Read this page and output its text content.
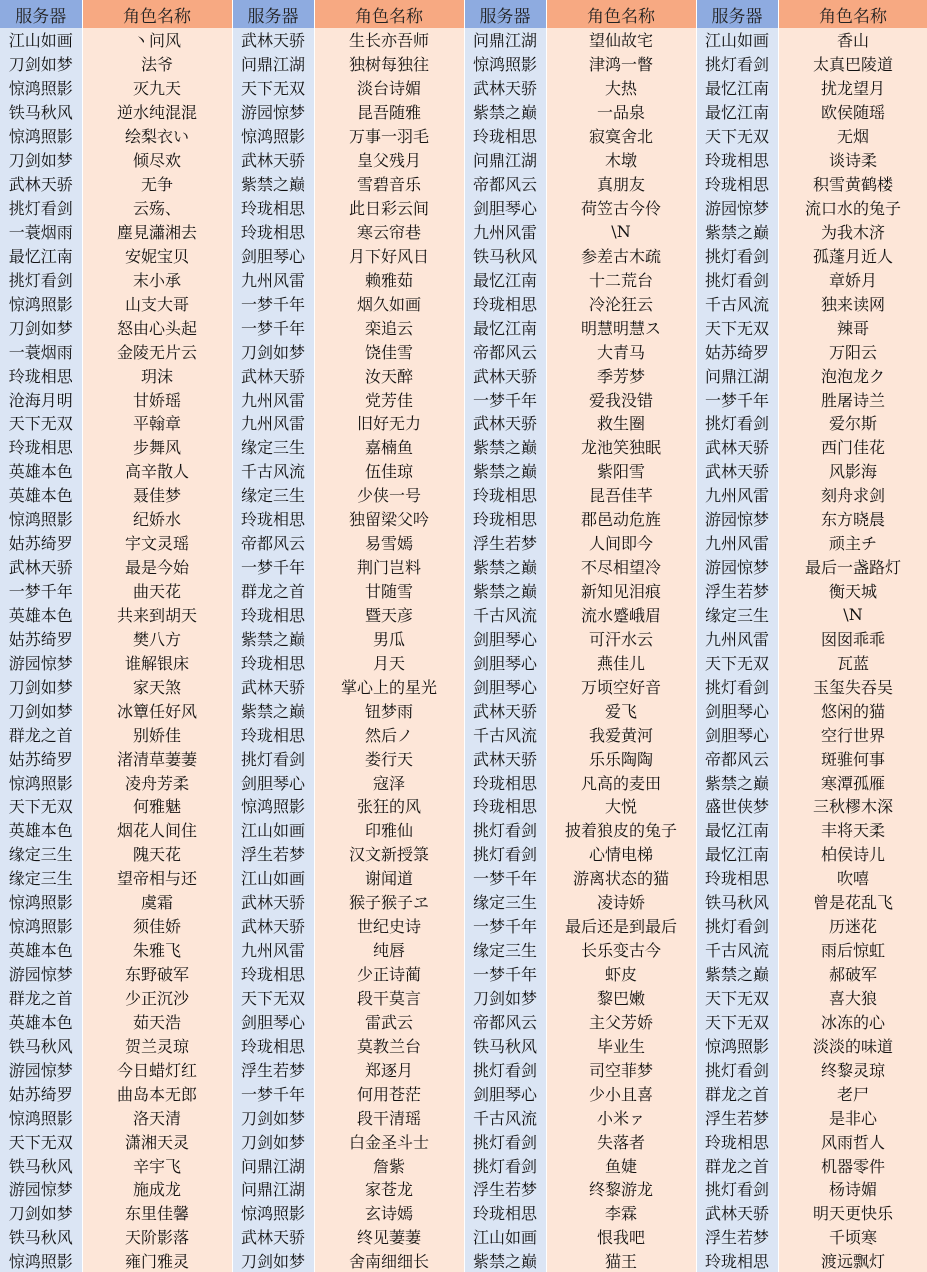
服务器	角色名称	服务器	角色名称	服务器	角色名称	服务器	角色名称
江山如画	丶问风	武林天骄	生长亦吾师	问鼎江湖	望仙故宅	江山如画	香山
刀剑如梦	法爷	问鼎江湖	独树每独往	惊鸿照影	津鸿一瞥	挑灯看剑	太真巴陵道
惊鸿照影	灭九天	天下无双	淡台诗媚	武林天骄	大热	最忆江南	扰龙望月
铁马秋风	逆水纯混混	游园惊梦	昆吾随雅	紫禁之巅	一品泉	最忆江南	欧侯随瑶
惊鸿照影	绘梨衣い	惊鸿照影	万事一羽毛	玲珑相思	寂寞舍北	天下无双	无烟
刀剑如梦	倾尽欢	武林天骄	皇父残月	问鼎江湖	木墩	玲珑相思	谈诗柔
武林天骄	无争	紫禁之巅	雪碧音乐	帝都风云	真朋友	玲珑相思	积雪黄鹤楼
挑灯看剑	云殇、	玲珑相思	此日彩云间	剑胆琴心	荷笠古今伶	游园惊梦	流口水的兔子
一蓑烟雨	塵見瀟湘去	玲珑相思	寒云帘巷	九州风雷	\N	紫禁之巅	为我木济
最忆江南	安妮宝贝	剑胆琴心	月下好风日	铁马秋风	参差古木疏	挑灯看剑	孤蓬月近人
挑灯看剑	末小承	九州风雷	赖雅茹	最忆江南	十二荒台	挑灯看剑	章娇月
惊鸿照影	山支大哥	一梦千年	烟久如画	玲珑相思	冷沦狂云	千古风流	独来读网
刀剑如梦	怒由心头起	一梦千年	栾追云	最忆江南	明慧明慧ス	天下无双	辣哥
一蓑烟雨	金陵无片云	刀剑如梦	饶佳雪	帝都风云	大青马	姑苏绮罗	万阳云
玲珑相思	玥沫	武林天骄	汝天醉	武林天骄	季芳梦	问鼎江湖	泡泡龙ク
沧海月明	甘娇瑶	九州风雷	党芳佳	一梦千年	爱我没错	一梦千年	胜屠诗兰
天下无双	平翰章	九州风雷	旧好无力	武林天骄	救生圈	挑灯看剑	爱尔斯
玲珑相思	步舞风	缘定三生	嘉楠鱼	紫禁之巅	龙池笑独眠	武林天骄	西门佳花
英雄本色	高辛散人	千古风流	伍佳琼	紫禁之巅	紫阳雪	武林天骄	风影海
英雄本色	聂佳梦	缘定三生	少侠一号	玲珑相思	昆吾佳芊	九州风雷	刻舟求剑
惊鸿照影	纪娇水	玲珑相思	独留梁父吟	玲珑相思	郡邑动危旌	游园惊梦	东方晓晨
姑苏绮罗	宇文灵瑶	帝都风云	易雪嫣	浮生若梦	人间即今	九州风雷	顽主チ
武林天骄	最是今始	一梦千年	荆门岂料	紫禁之巅	不尽相望冷	游园惊梦	最后一盏路灯
一梦千年	曲天花	群龙之首	甘随雪	紫禁之巅	新知见泪痕	浮生若梦	衡天城
英雄本色	共来到胡天	玲珑相思	暨天彦	千古风流	流水蹙峨眉	缘定三生	\N
姑苏绮罗	樊八方	紫禁之巅	男瓜	剑胆琴心	可汗水云	九州风雷	囡囡乖乖
游园惊梦	谁解银床	玲珑相思	月天	剑胆琴心	燕佳儿	天下无双	瓦蓝
刀剑如梦	家天煞	武林天骄	掌心上的星光	剑胆琴心	万顷空好音	挑灯看剑	玉玺失吞吴
刀剑如梦	冰簟任好风	紫禁之巅	钮梦雨	武林天骄	爱飞	剑胆琴心	悠闲的猫
群龙之首	别娇佳	玲珑相思	然后ノ	千古风流	我爱黄河	剑胆琴心	空行世界
姑苏绮罗	渚清草萋萋	挑灯看剑	娄行天	武林天骄	乐乐陶陶	帝都风云	斑骓何事
惊鸿照影	凌舟芳柔	剑胆琴心	寇泽	玲珑相思	凡高的麦田	紫禁之巅	寒潭孤雁
天下无双	何雅魅	惊鸿照影	张狂的风	玲珑相思	大悦	盛世侠梦	三秋樛木深
英雄本色	烟花人间住	江山如画	印雅仙	挑灯看剑	披着狼皮的兔子	最忆江南	丰将天柔
缘定三生	隗天花	浮生若梦	汉文新授箓	挑灯看剑	心情电梯	最忆江南	柏侯诗儿
缘定三生	望帝相与还	江山如画	谢闻道	一梦千年	游离状态的猫	玲珑相思	吹嘻
惊鸿照影	虞霜	武林天骄	猴子猴子ヱ	缘定三生	凌诗娇	铁马秋风	曾是花乱飞
惊鸿照影	须佳娇	武林天骄	世纪史诗	一梦千年	最后还是到最后	挑灯看剑	历迷花
英雄本色	朱雅飞	九州风雷	纯唇	缘定三生	长乐变古今	千古风流	雨后惊虹
游园惊梦	东野破军	玲珑相思	少正诗蔺	一梦千年	虾皮	紫禁之巅	郝破军
群龙之首	少正沉沙	天下无双	段干莫言	刀剑如梦	黎巴嫩	天下无双	喜大狼
英雄本色	茹天浩	剑胆琴心	雷武云	帝都风云	主父芳娇	天下无双	冰冻的心
铁马秋风	贺兰灵琼	玲珑相思	莫教兰台	铁马秋风	毕业生	惊鸿照影	淡淡的味道
游园惊梦	今日蜡灯红	浮生若梦	郑逐月	挑灯看剑	司空菲梦	挑灯看剑	终黎灵琼
姑苏绮罗	曲岛本无郎	一梦千年	何用苍茫	剑胆琴心	少小且喜	群龙之首	老尸
惊鸿照影	洛天清	刀剑如梦	段干清瑶	千古风流	小米ァ	浮生若梦	是非心
天下无双	潇湘天灵	刀剑如梦	白金圣斗士	挑灯看剑	失落者	玲珑相思	风雨哲人
铁马秋风	辛宇飞	问鼎江湖	詹紫	挑灯看剑	鱼婕	群龙之首	机器零件
游园惊梦	施成龙	问鼎江湖	家苍龙	浮生若梦	终黎游龙	挑灯看剑	杨诗媚
刀剑如梦	东里佳馨	惊鸿照影	玄诗嫣	玲珑相思	李霖	武林天骄	明天更快乐
铁马秋风	天阶影落	武林天骄	终见萋萋	江山如画	恨我吧	浮生若梦	千顷寒
惊鸿照影	雍门雅灵	刀剑如梦	舍南细细长	紫禁之巅	猫王	玲珑相思	渡远飘灯
